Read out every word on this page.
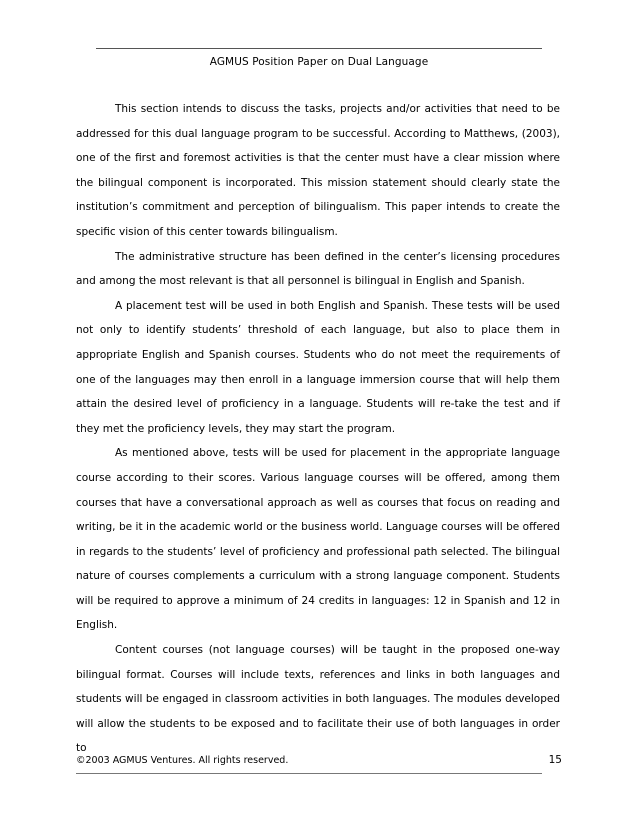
AGMUS Position Paper on Dual Language

This section intends to discuss the tasks, projects and/or activities that need to be addressed for this dual language program to be successful. According to Matthews, (2003), one of the first and foremost activities is that the center must have a clear mission where the bilingual component is incorporated. This mission statement should clearly state the institution’s commitment and perception of bilingualism. This paper intends to create the specific vision of this center towards bilingualism.

The administrative structure has been defined in the center’s licensing procedures and among the most relevant is that all personnel is bilingual in English and Spanish.

A placement test will be used in both English and Spanish. These tests will be used not only to identify students’ threshold of each language, but also to place them in appropriate English and Spanish courses. Students who do not meet the requirements of one of the languages may then enroll in a language immersion course that will help them attain the desired level of proficiency in a language. Students will re-take the test and if they met the proficiency levels, they may start the program.

As mentioned above, tests will be used for placement in the appropriate language course according to their scores. Various language courses will be offered, among them courses that have a conversational approach as well as courses that focus on reading and writing, be it in the academic world or the business world. Language courses will be offered in regards to the students’ level of proficiency and professional path selected. The bilingual nature of courses complements a curriculum with a strong language component. Students will be required to approve a minimum of 24 credits in languages: 12 in Spanish and 12 in English.

Content courses (not language courses) will be taught in the proposed one-way bilingual format. Courses will include texts, references and links in both languages and students will be engaged in classroom activities in both languages. The modules developed will allow the students to be exposed and to facilitate their use of both languages in order to

©2003 AGMUS Ventures. All rights reserved.	15
